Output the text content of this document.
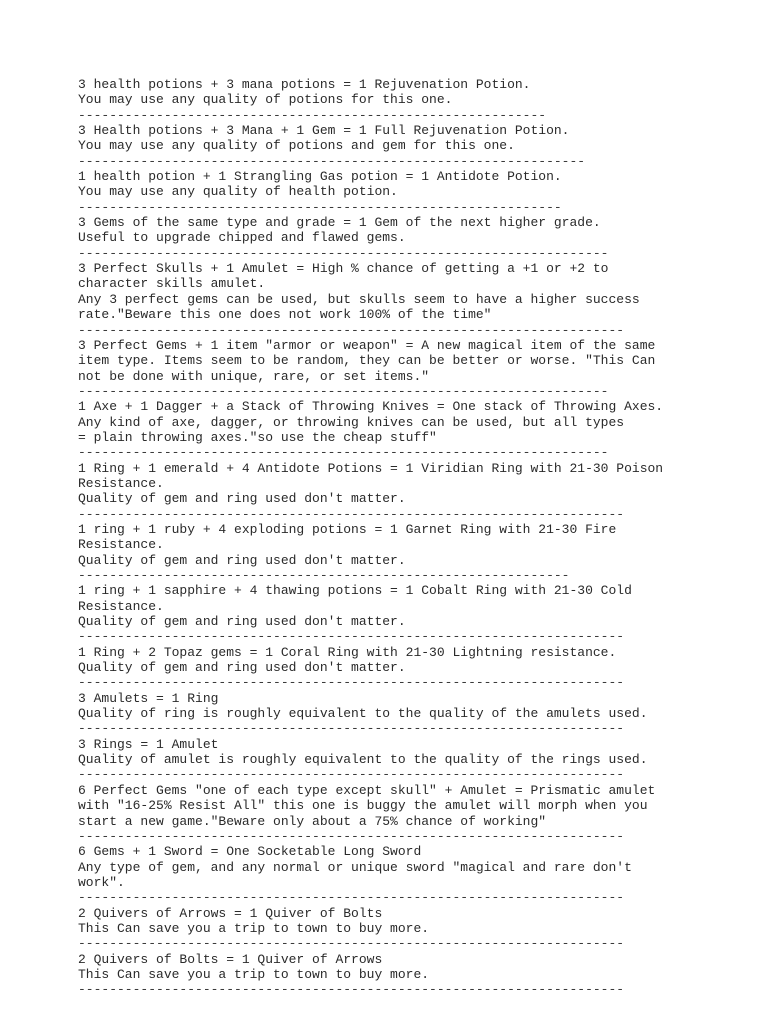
3 health potions + 3 mana potions = 1 Rejuvenation Potion.
You may use any quality of potions for this one.
------------------------------------------------------------
3 Health potions + 3 Mana + 1 Gem = 1 Full Rejuvenation Potion.
You may use any quality of potions and gem for this one.
-----------------------------------------------------------------
1 health potion + 1 Strangling Gas potion = 1 Antidote Potion.
You may use any quality of health potion.
--------------------------------------------------------------
3 Gems of the same type and grade = 1 Gem of the next higher grade.
Useful to upgrade chipped and flawed gems.
--------------------------------------------------------------------
3 Perfect Skulls + 1 Amulet = High % chance of getting a +1 or +2 to
character skills amulet.
Any 3 perfect gems can be used, but skulls seem to have a higher success
rate."Beware this one does not work 100% of the time"
----------------------------------------------------------------------
3 Perfect Gems + 1 item "armor or weapon" = A new magical item of the same
item type. Items seem to be random, they can be better or worse. "This Can
not be done with unique, rare, or set items."
--------------------------------------------------------------------
1 Axe + 1 Dagger + a Stack of Throwing Knives = One stack of Throwing Axes.
Any kind of axe, dagger, or throwing knives can be used, but all types
= plain throwing axes."so use the cheap stuff"
--------------------------------------------------------------------
1 Ring + 1 emerald + 4 Antidote Potions = 1 Viridian Ring with 21-30 Poison
Resistance.
Quality of gem and ring used don't matter.
----------------------------------------------------------------------
1 ring + 1 ruby + 4 exploding potions = 1 Garnet Ring with 21-30 Fire
Resistance.
Quality of gem and ring used don't matter.
---------------------------------------------------------------
1 ring + 1 sapphire + 4 thawing potions = 1 Cobalt Ring with 21-30 Cold
Resistance.
Quality of gem and ring used don't matter.
----------------------------------------------------------------------
1 Ring + 2 Topaz gems = 1 Coral Ring with 21-30 Lightning resistance.
Quality of gem and ring used don't matter.
----------------------------------------------------------------------
3 Amulets = 1 Ring
Quality of ring is roughly equivalent to the quality of the amulets used.
----------------------------------------------------------------------
3 Rings = 1 Amulet
Quality of amulet is roughly equivalent to the quality of the rings used.
----------------------------------------------------------------------
6 Perfect Gems "one of each type except skull" + Amulet = Prismatic amulet
with "16-25% Resist All" this one is buggy the amulet will morph when you
start a new game."Beware only about a 75% chance of working"
----------------------------------------------------------------------
6 Gems + 1 Sword = One Socketable Long Sword
Any type of gem, and any normal or unique sword "magical and rare don't
work".
----------------------------------------------------------------------
2 Quivers of Arrows = 1 Quiver of Bolts
This Can save you a trip to town to buy more.
----------------------------------------------------------------------
2 Quivers of Bolts = 1 Quiver of Arrows
This Can save you a trip to town to buy more.
----------------------------------------------------------------------
